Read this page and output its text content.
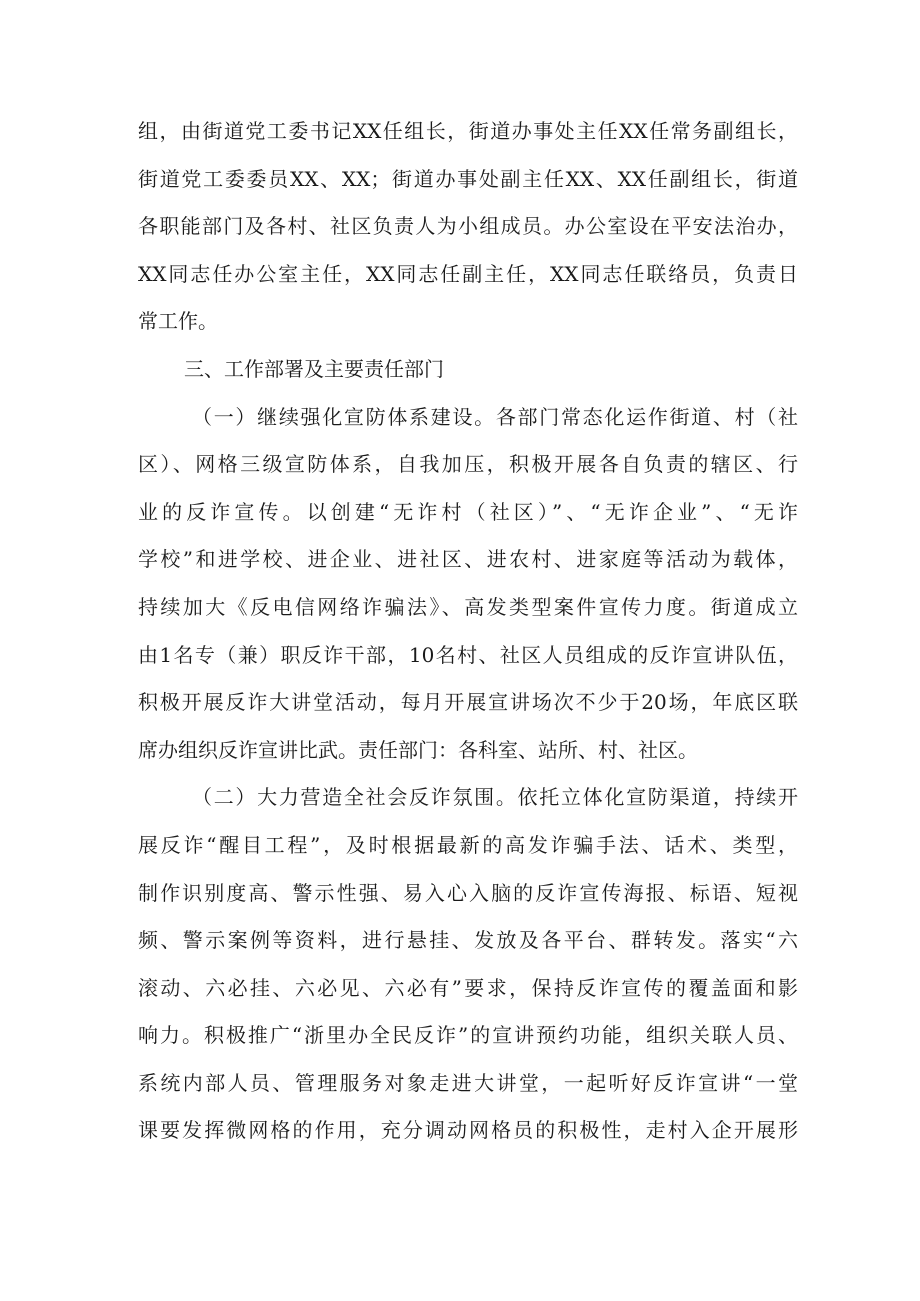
组，由街道党工委书记XX任组长，街道办事处主任XX任常务副组长，
街道党工委委员XX、XX；街道办事处副主任XX、XX任副组长，街道
各职能部门及各村、社区负责人为小组成员。办公室设在平安法治办，
XX同志任办公室主任，XX同志任副主任，XX同志任联络员，负责日
常工作。
三、工作部署及主要责任部门
（一）继续强化宣防体系建设。各部门常态化运作街道、村（社
区）、网格三级宣防体系，自我加压，积极开展各自负责的辖区、行
业的反诈宣传。以创建“无诈村（社区）”、“无诈企业”、“无诈
学校”和进学校、进企业、进社区、进农村、进家庭等活动为载体，
持续加大《反电信网络诈骗法》、高发类型案件宣传力度。街道成立
由1名专（兼）职反诈干部，10名村、社区人员组成的反诈宣讲队伍，
积极开展反诈大讲堂活动，每月开展宣讲场次不少于20场，年底区联
席办组织反诈宣讲比武。责任部门：各科室、站所、村、社区。
（二）大力营造全社会反诈氛围。依托立体化宣防渠道，持续开
展反诈“醒目工程”，及时根据最新的高发诈骗手法、话术、类型，
制作识别度高、警示性强、易入心入脑的反诈宣传海报、标语、短视
频、警示案例等资料，进行悬挂、发放及各平台、群转发。落实“六
滚动、六必挂、六必见、六必有”要求，保持反诈宣传的覆盖面和影
响力。积极推广“浙里办全民反诈”的宣讲预约功能，组织关联人员、
系统内部人员、管理服务对象走进大讲堂，一起听好反诈宣讲“一堂
课要发挥微网格的作用，充分调动网格员的积极性，走村入企开展形
